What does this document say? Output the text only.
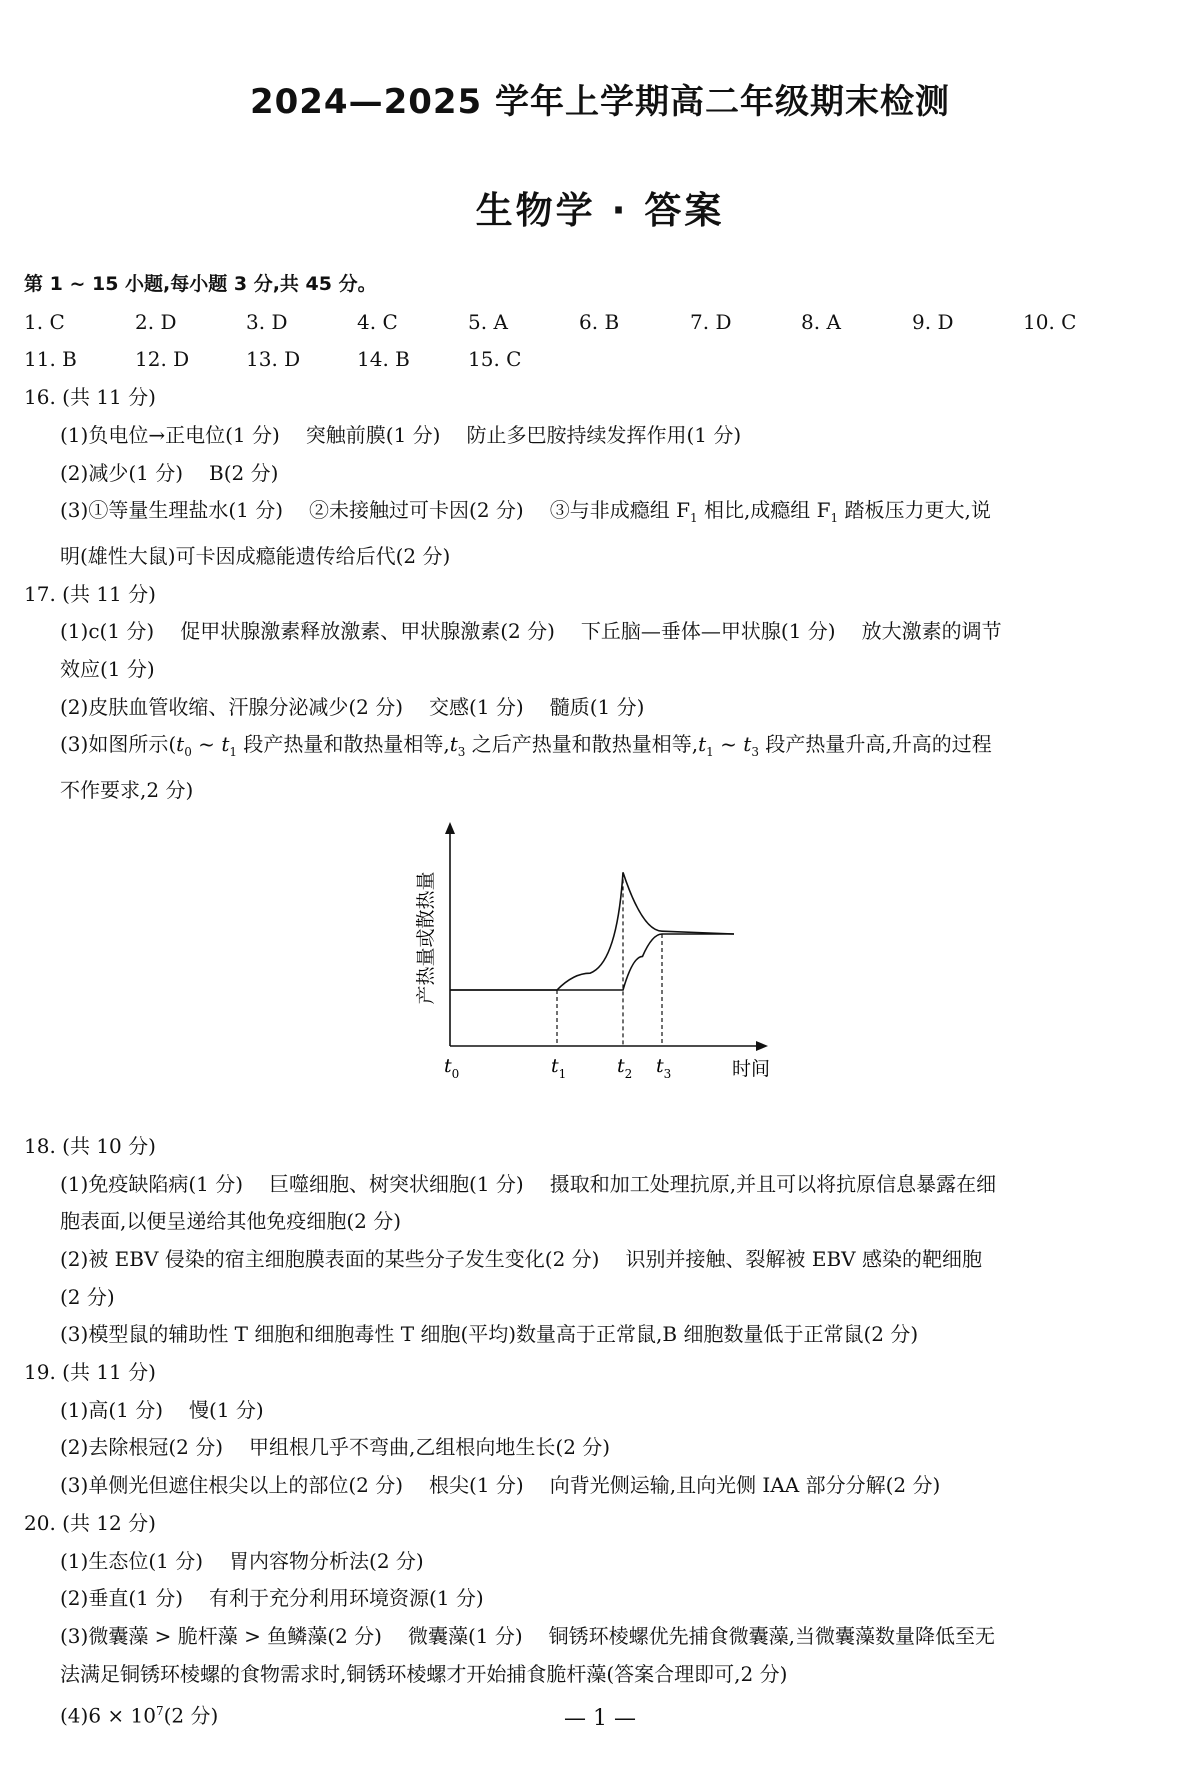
2024—2025 学年上学期高二年级期末检测
生物学 · 答案
第 1 ~ 15 小题,每小题 3 分,共 45 分。
1. C	2. D	3. D	4. C	5. A	6. B	7. D	8. A	9. D	10. C
11. B	12. D	13. D	14. B	15. C
16. (共 11 分)
(1)负电位→正电位(1 分) 突触前膜(1 分) 防止多巴胺持续发挥作用(1 分)
(2)减少(1 分) B(2 分)
(3)①等量生理盐水(1 分) ②未接触过可卡因(2 分) ③与非成瘾组 $F_1$ 相比,成瘾组 $F_1$ 踏板压力更大,说
明(雄性大鼠)可卡因成瘾能遗传给后代(2 分)
17. (共 11 分)
(1)c(1 分) 促甲状腺激素释放激素、甲状腺激素(2 分) 下丘脑—垂体—甲状腺(1 分) 放大激素的调节
效应(1 分)
(2)皮肤血管收缩、汗腺分泌减少(2 分) 交感(1 分) 髓质(1 分)
(3)如图所示($t_0$ ~ $t_1$ 段产热量和散热量相等$,t_3$ 之后产热量和散热量相等$,t_1$ ~ $t_3$ 段产热量升高,升高的过程
不作要求,2 分)
产热量或散热量
时间
$t_0$	$t_1$	$t_2$ $t_3$
18. (共 10 分)
(1)免疫缺陷病(1 分) 巨噬细胞、树突状细胞(1 分) 摄取和加工处理抗原,并且可以将抗原信息暴露在细
胞表面,以便呈递给其他免疫细胞(2 分)
(2)被 EBV 侵染的宿主细胞膜表面的某些分子发生变化(2 分) 识别并接触、裂解被 EBV 感染的靶细胞
(2 分)
(3)模型鼠的辅助性 T 细胞和细胞毒性 T 细胞(平均)数量高于正常鼠,B 细胞数量低于正常鼠(2 分)
19. (共 11 分)
(1)高(1 分) 慢(1 分)
(2)去除根冠(2 分) 甲组根几乎不弯曲,乙组根向地生长(2 分)
(3)单侧光但遮住根尖以上的部位(2 分) 根尖(1 分) 向背光侧运输,且向光侧 IAA 部分分解(2 分)
20. (共 12 分)
(1)生态位(1 分) 胃内容物分析法(2 分)
(2)垂直(1 分) 有利于充分利用环境资源(1 分)
(3)微囊藻 > 脆杆藻 > 鱼鳞藻(2 分) 微囊藻(1 分) 铜锈环棱螺优先捕食微囊藻,当微囊藻数量降低至无
法满足铜锈环棱螺的食物需求时,铜锈环棱螺才开始捕食脆杆藻(答案合理即可,2 分)
$(4)6 \times 10^7(2$ 分)	— 1 —
